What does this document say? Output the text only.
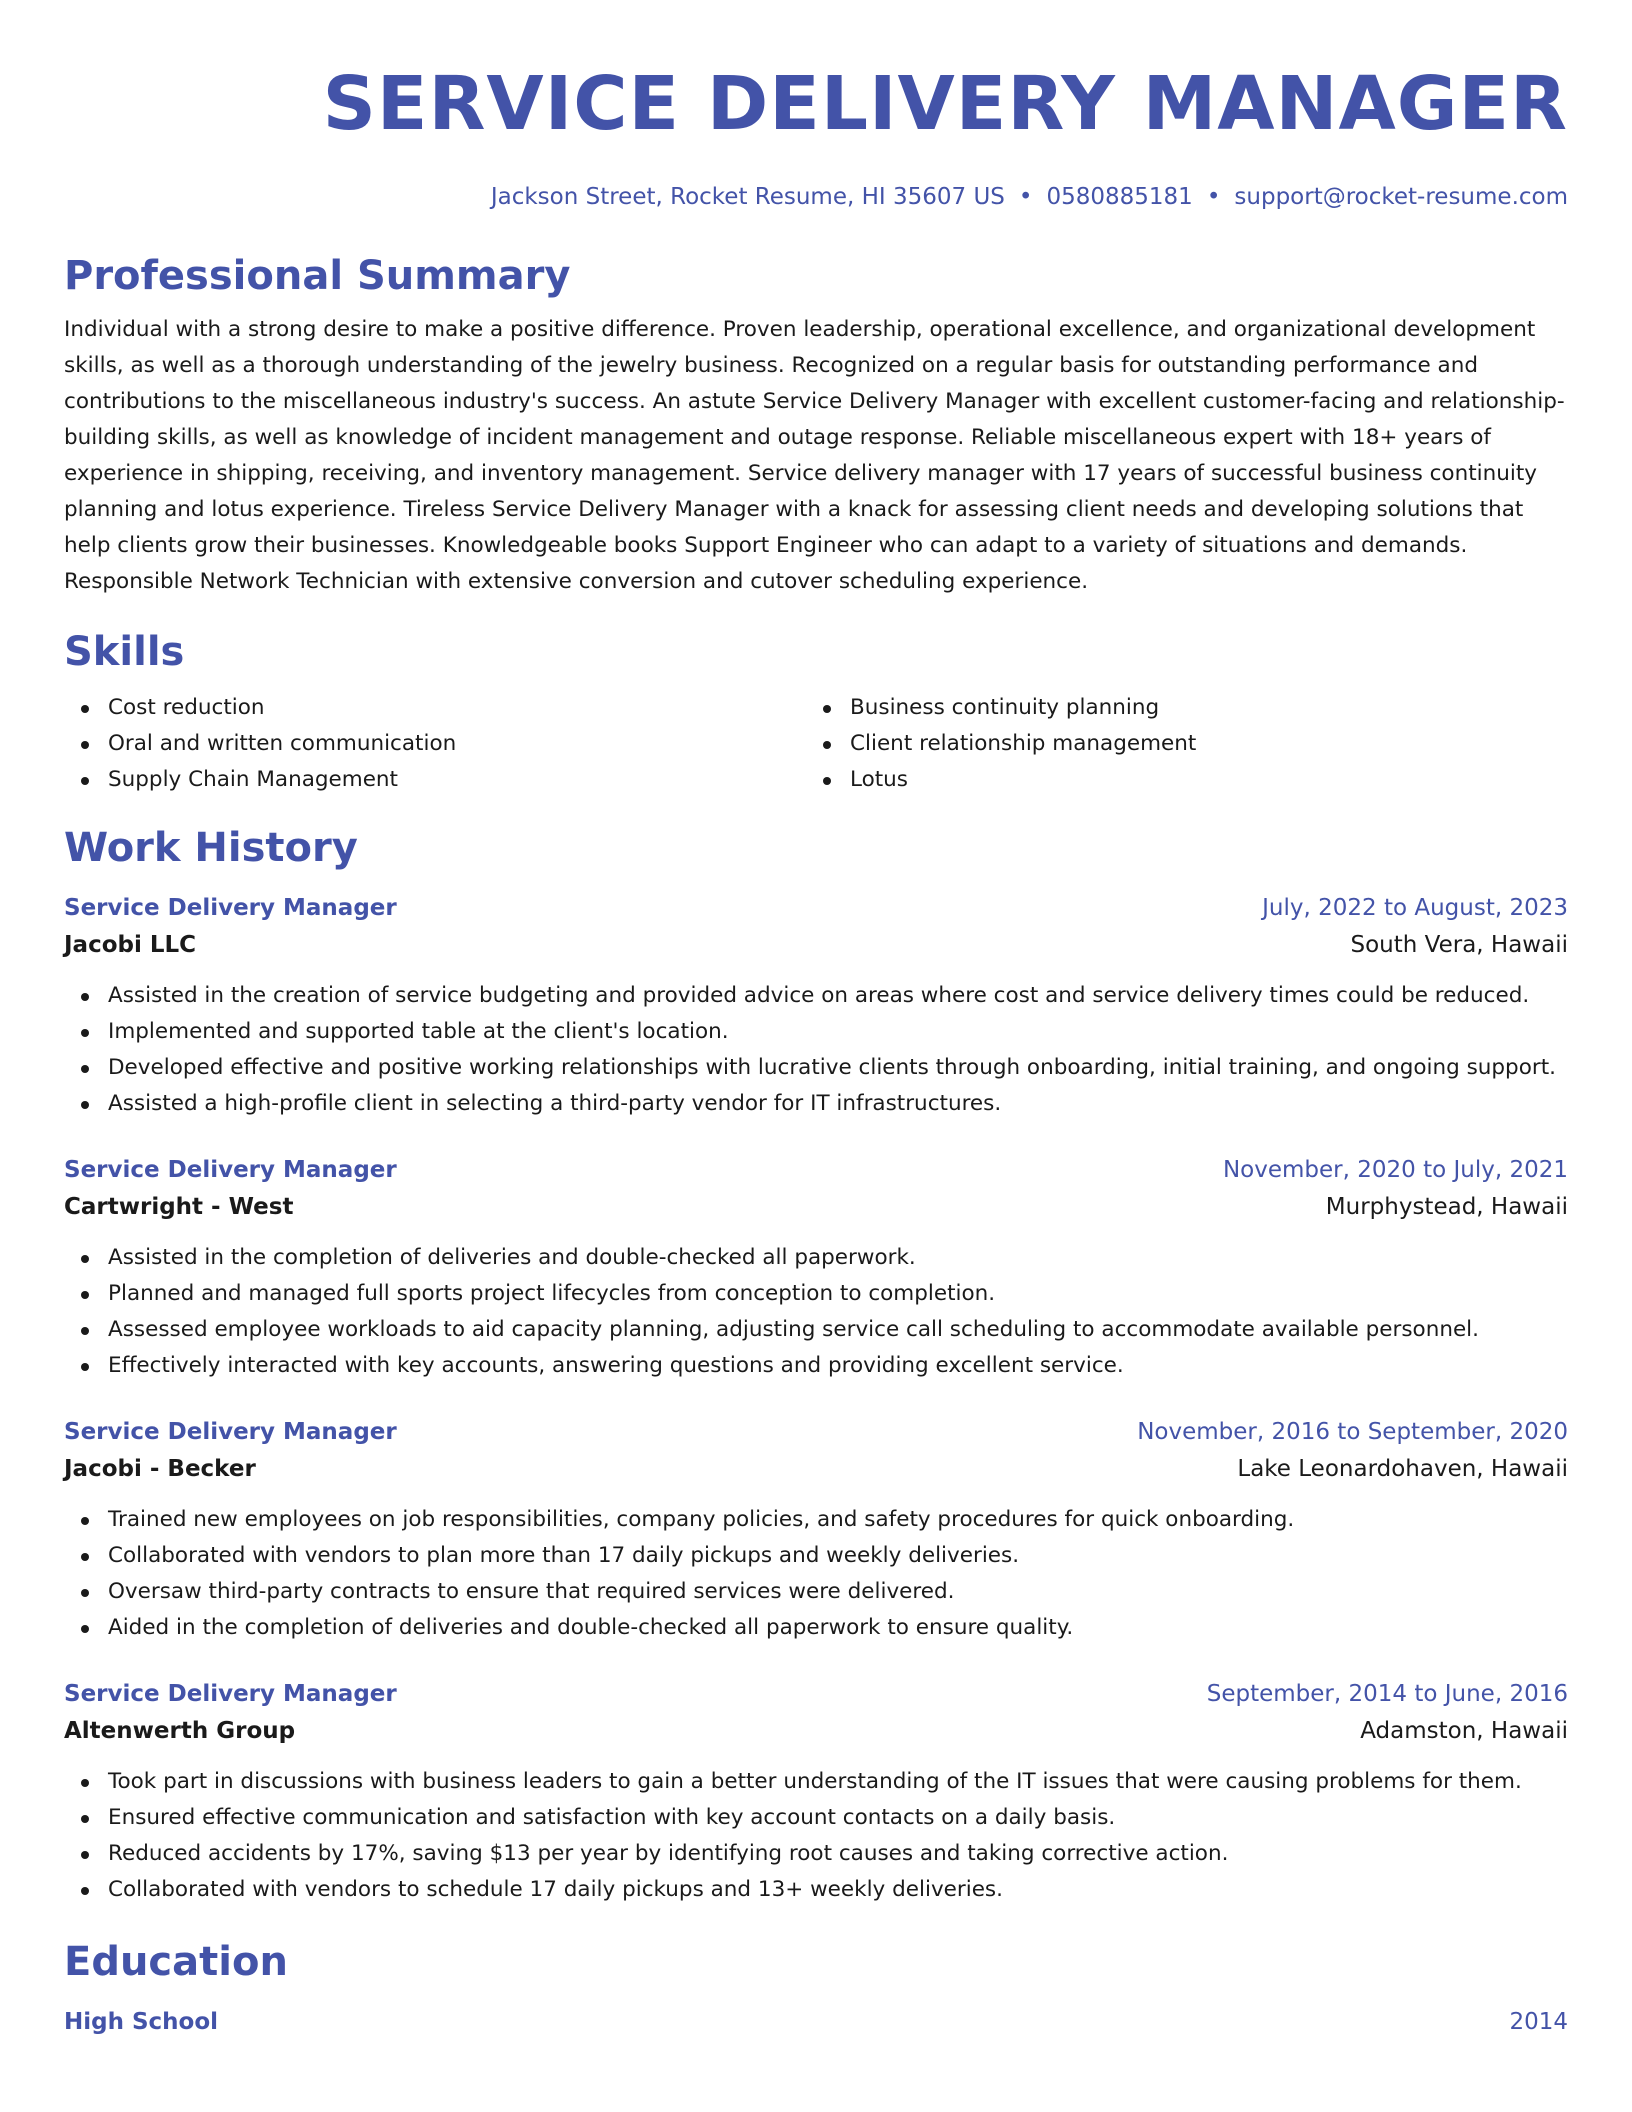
SERVICE DELIVERY MANAGER
Jackson Street, Rocket Resume, HI 35607 US • 0580885181 • support@rocket-resume.com
Professional Summary
Individual with a strong desire to make a positive difference. Proven leadership, operational excellence, and organizational development skills, as well as a thorough understanding of the jewelry business. Recognized on a regular basis for outstanding performance and contributions to the miscellaneous industry's success. An astute Service Delivery Manager with excellent customer-facing and relationship-building skills, as well as knowledge of incident management and outage response. Reliable miscellaneous expert with 18+ years of experience in shipping, receiving, and inventory management. Service delivery manager with 17 years of successful business continuity planning and lotus experience. Tireless Service Delivery Manager with a knack for assessing client needs and developing solutions that help clients grow their businesses. Knowledgeable books Support Engineer who can adapt to a variety of situations and demands. Responsible Network Technician with extensive conversion and cutover scheduling experience.
Skills
Cost reduction
Oral and written communication
Supply Chain Management
Business continuity planning
Client relationship management
Lotus
Work History
Service Delivery Manager	July, 2022 to August, 2023
Jacobi LLC	South Vera, Hawaii
Assisted in the creation of service budgeting and provided advice on areas where cost and service delivery times could be reduced.
Implemented and supported table at the client's location.
Developed effective and positive working relationships with lucrative clients through onboarding, initial training, and ongoing support.
Assisted a high-profile client in selecting a third-party vendor for IT infrastructures.
Service Delivery Manager	November, 2020 to July, 2021
Cartwright - West	Murphystead, Hawaii
Assisted in the completion of deliveries and double-checked all paperwork.
Planned and managed full sports project lifecycles from conception to completion.
Assessed employee workloads to aid capacity planning, adjusting service call scheduling to accommodate available personnel.
Effectively interacted with key accounts, answering questions and providing excellent service.
Service Delivery Manager	November, 2016 to September, 2020
Jacobi - Becker	Lake Leonardohaven, Hawaii
Trained new employees on job responsibilities, company policies, and safety procedures for quick onboarding.
Collaborated with vendors to plan more than 17 daily pickups and weekly deliveries.
Oversaw third-party contracts to ensure that required services were delivered.
Aided in the completion of deliveries and double-checked all paperwork to ensure quality.
Service Delivery Manager	September, 2014 to June, 2016
Altenwerth Group	Adamston, Hawaii
Took part in discussions with business leaders to gain a better understanding of the IT issues that were causing problems for them.
Ensured effective communication and satisfaction with key account contacts on a daily basis.
Reduced accidents by 17%, saving $13 per year by identifying root causes and taking corrective action.
Collaborated with vendors to schedule 17 daily pickups and 13+ weekly deliveries.
Education
High School	2014
